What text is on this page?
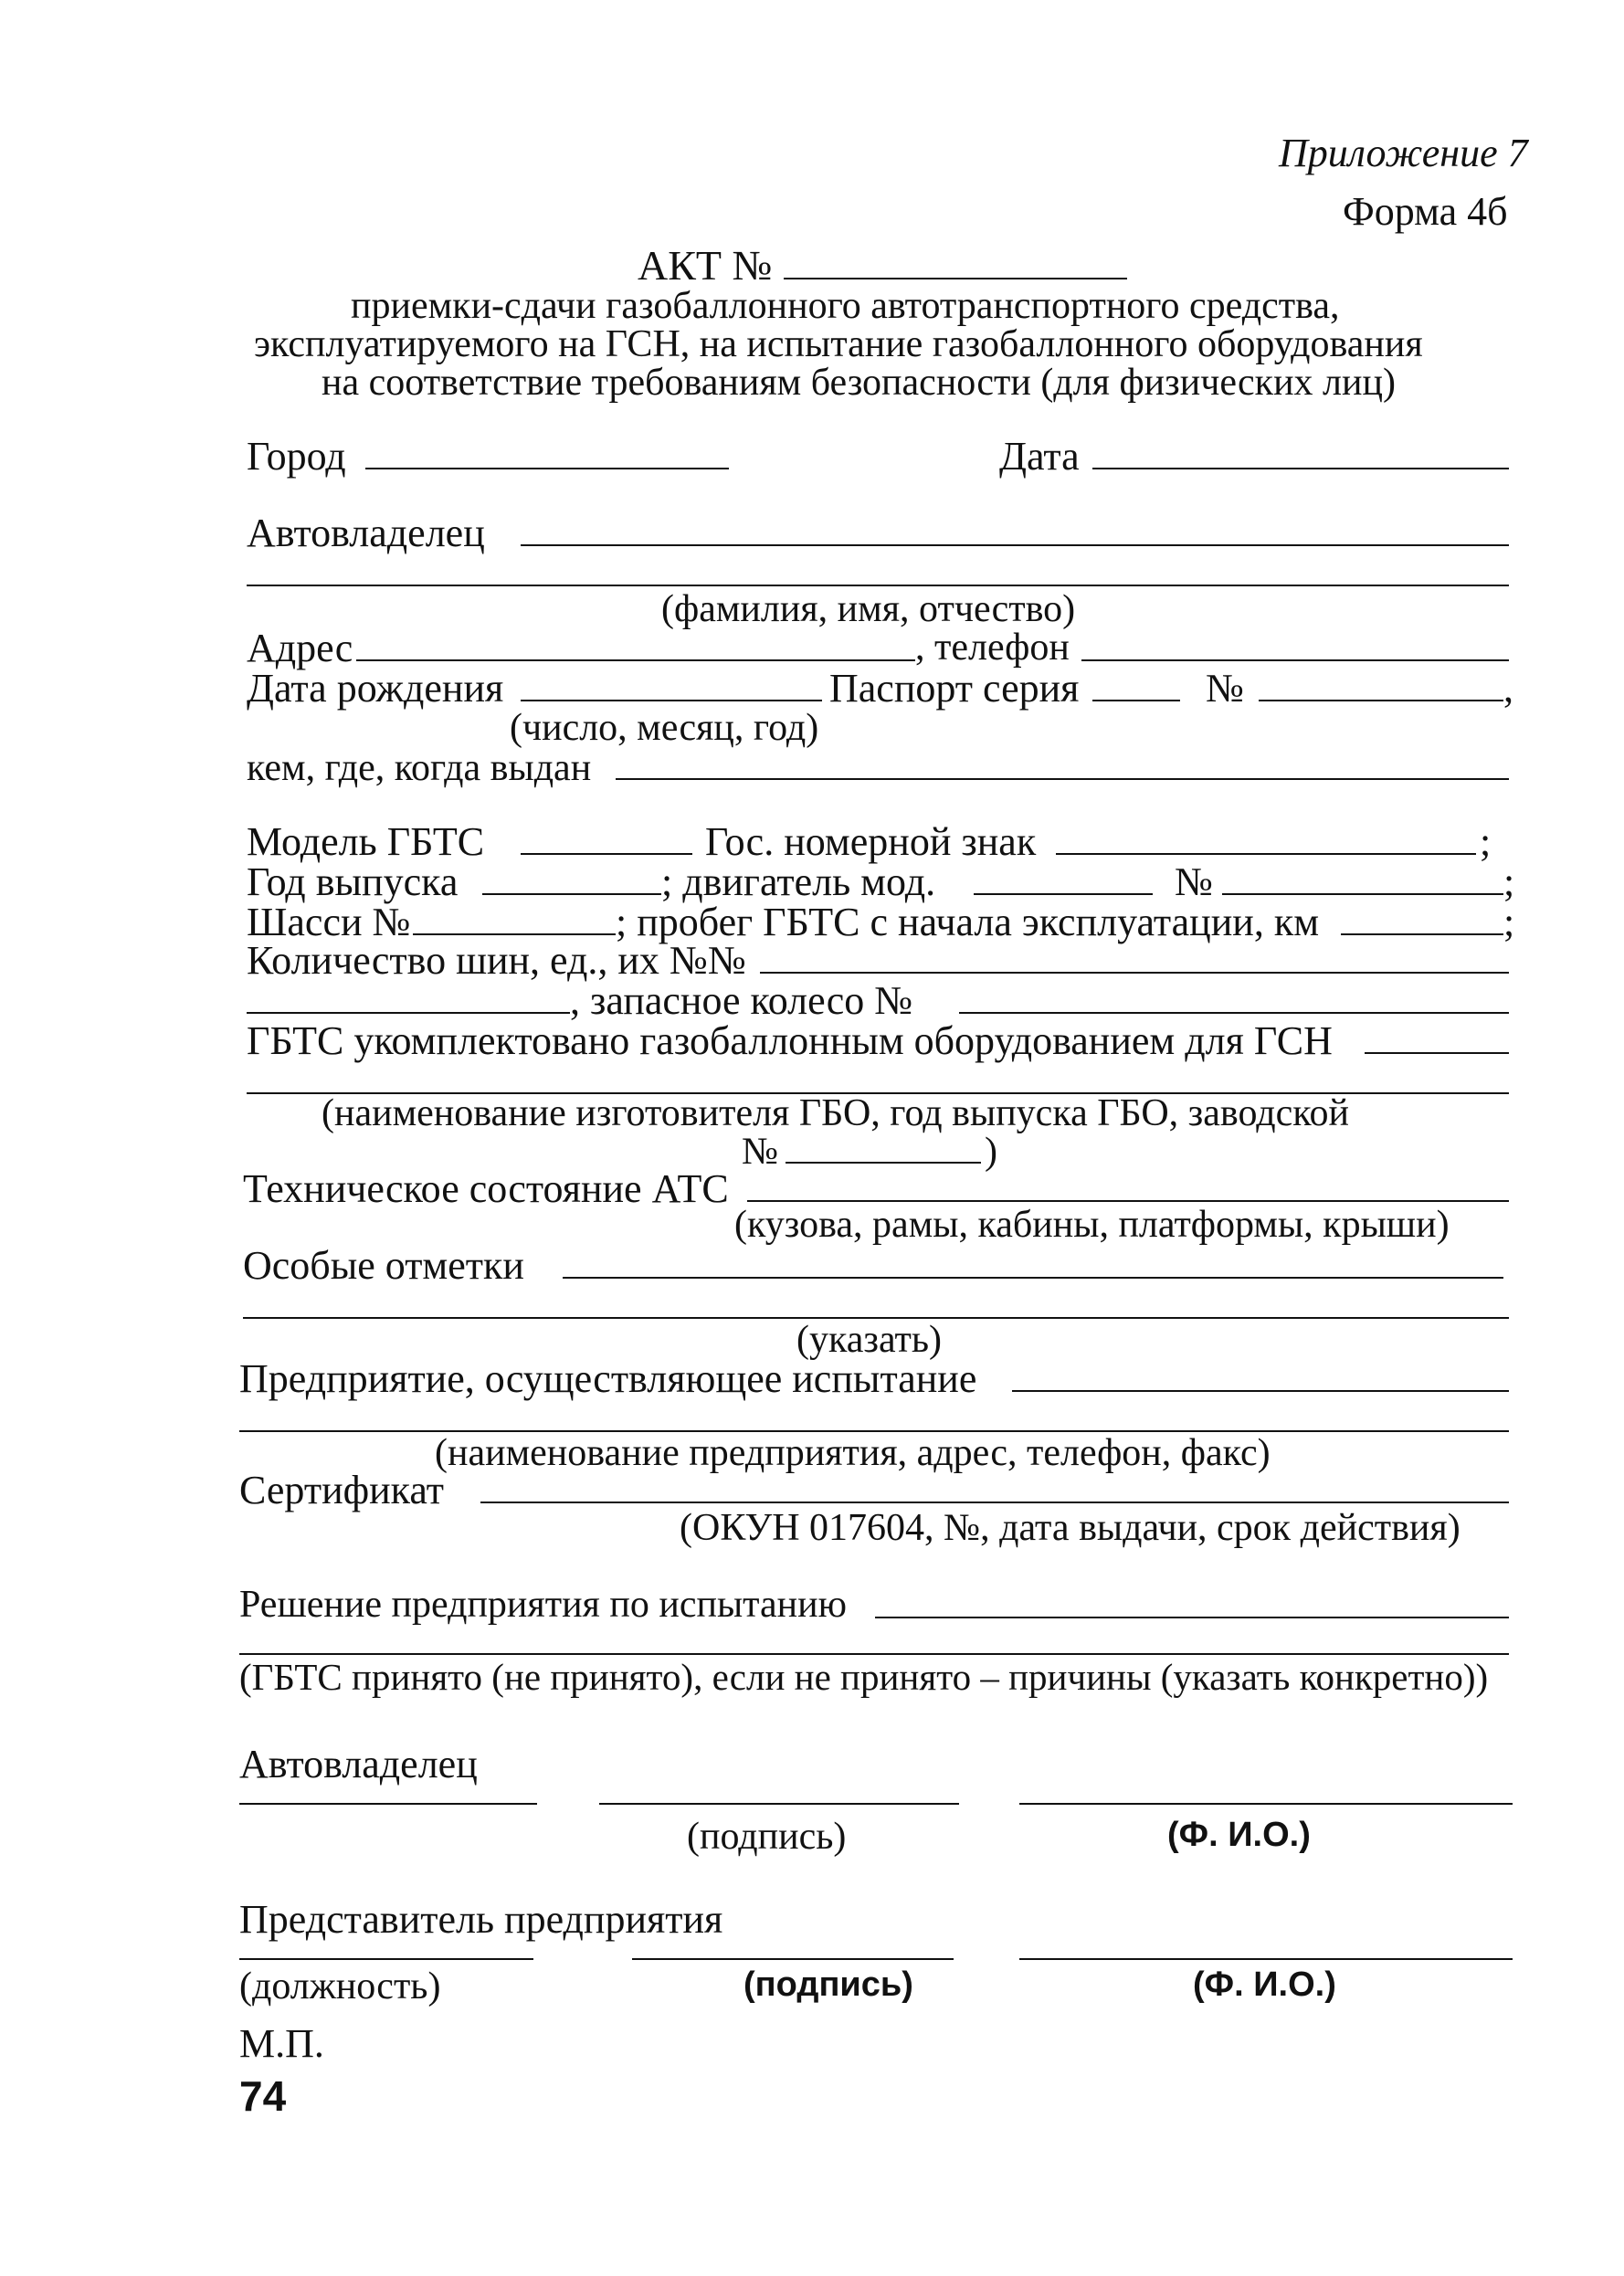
Приложение 7
Форма 4б
АКТ №
приемки-сдачи газобаллонного автотранспортного средства,
эксплуатируемого на ГСН, на испытание газобаллонного оборудования
на соответствие требованиям безопасности (для физических лиц)
Город	Дата
Автовладелец
(фамилия, имя, отчество)
Адрес	, телефон
Дата рождения	Паспорт серия	№	,
(число, месяц, год)
кем, где, когда выдан
Модель ГБТС	Гос. номерной знак	;
Год выпуска	; двигатель мод.	№	;
Шасси №	; пробег ГБТС с начала эксплуатации, км	;
Количество шин, ед., их №№
, запасное колесо №
ГБТС укомплектовано газобаллонным оборудованием для ГСН
(наименование изготовителя ГБО, год выпуска ГБО, заводской
№	)
Техническое состояние АТС
(кузова, рамы, кабины, платформы, крыши)
Особые отметки
(указать)
Предприятие, осуществляющее испытание
(наименование предприятия, адрес, телефон, факс)
Сертификат
(ОКУН 017604, №, дата выдачи, срок действия)
Решение предприятия по испытанию
(ГБТС принято (не принято), если не принято – причины (указать конкретно))
Автовладелец
(подпись)	(Ф. И.О.)
Представитель предприятия
(должность)	(подпись)	(Ф. И.О.)
М.П.
74
